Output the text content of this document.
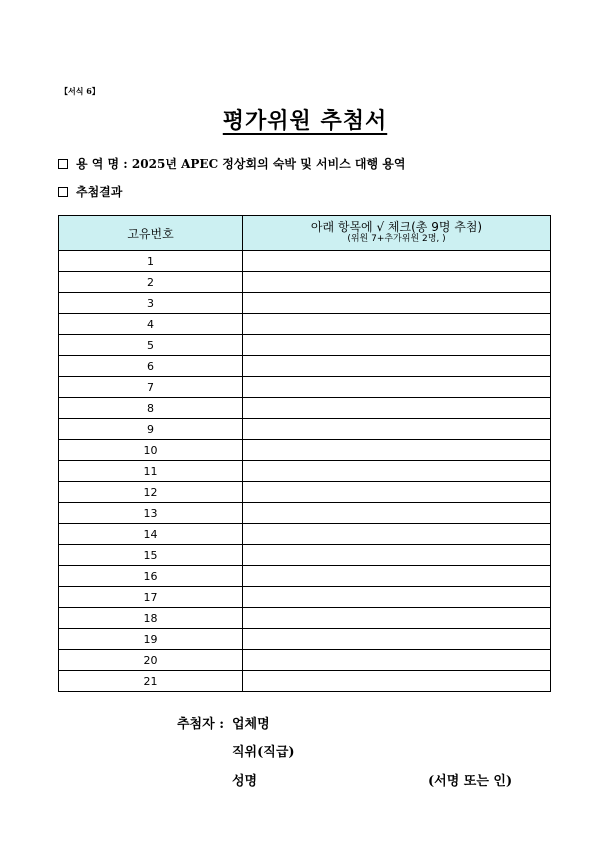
【서식 6】
평가위원 추첨서
용 역 명 : 2025년 APEC 정상회의 숙박 및 서비스 대행 용역
추첨결과
고유번호	아래 항목에 √ 체크(총 9명 추첨)
(위원 7+추가위원 2명, )

1	
2	
3	
4	
5	
6	
7	
8	
9	
10	
11	
12	
13	
14	
15	
16	
17	
18	
19	
20	
21	
추첨자 : 업체명
직위(직급)
성명	(서명 또는 인)
